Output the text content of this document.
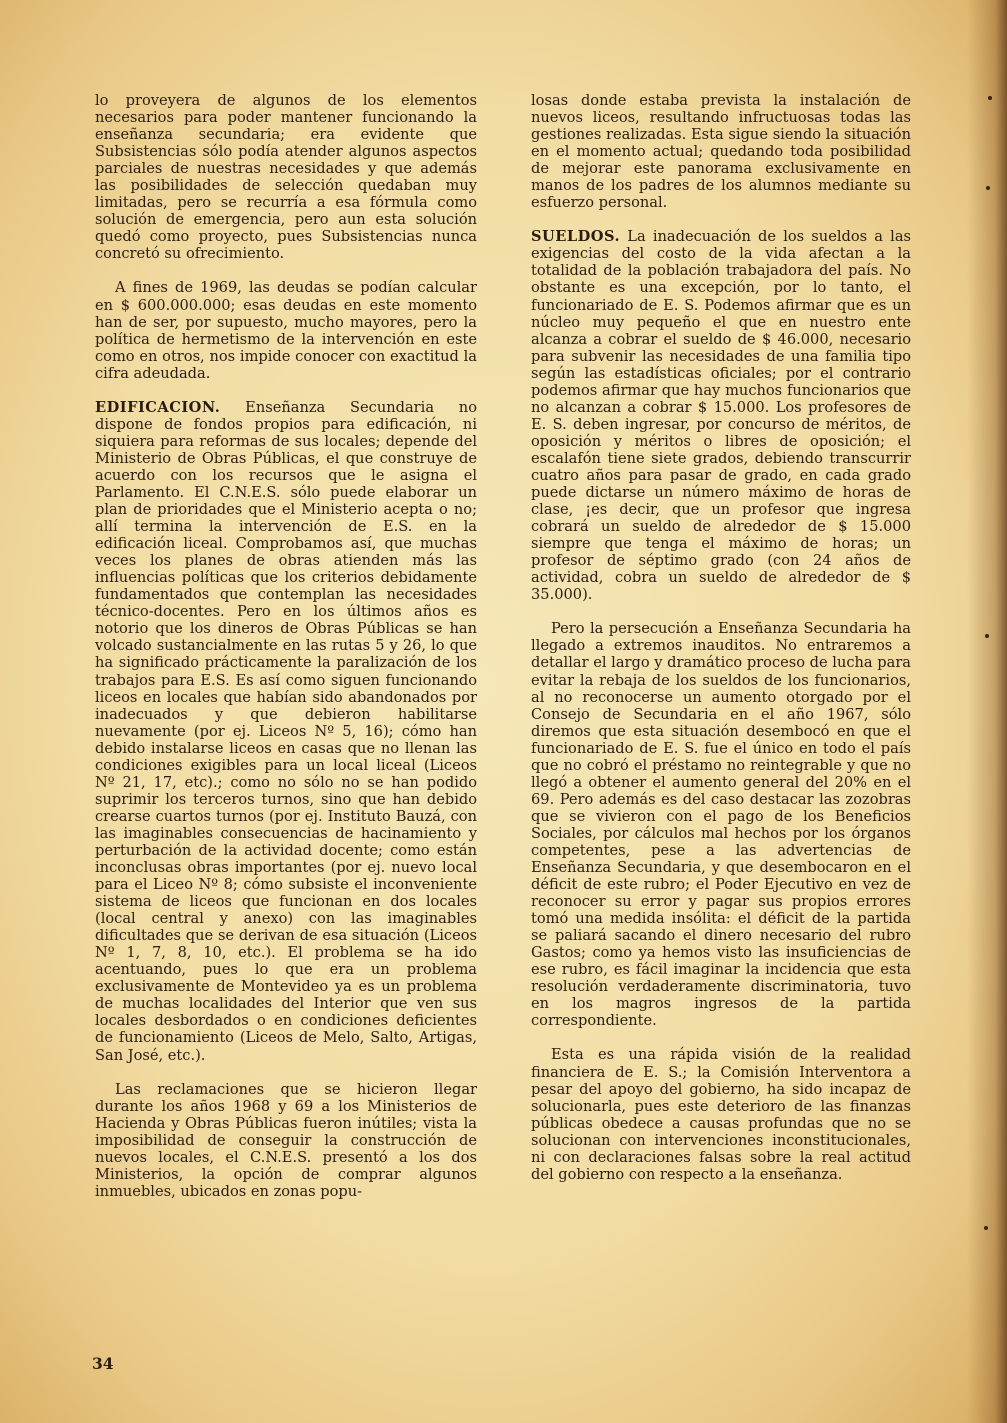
lo proveyera de algunos de los elementos necesarios para poder mantener funcionando la enseñanza secundaria; era evidente que Subsistencias sólo podía atender algunos aspectos parciales de nuestras necesidades y que además las posibilidades de selección quedaban muy limitadas, pero se recurría a esa fórmula como solución de emergencia, pero aun esta solución quedó como proyecto, pues Subsistencias nunca concretó su ofrecimiento.

A fines de 1969, las deudas se podían calcular en $ 600.000.000; esas deudas en este momento han de ser, por supuesto, mucho mayores, pero la política de hermetismo de la intervención en este como en otros, nos impide conocer con exactitud la cifra adeudada.

EDIFICACION. Enseñanza Secundaria no dispone de fondos propios para edificación, ni siquiera para reformas de sus locales; depende del Ministerio de Obras Públicas, el que construye de acuerdo con los recursos que le asigna el Parlamento. El C.N.E.S. sólo puede elaborar un plan de prioridades que el Ministerio acepta o no; allí termina la intervención de E.S. en la edificación liceal. Comprobamos así, que muchas veces los planes de obras atienden más las influencias políticas que los criterios debidamente fundamentados que contemplan las necesidades técnico-docentes. Pero en los últimos años es notorio que los dineros de Obras Públicas se han volcado sustancialmente en las rutas 5 y 26, lo que ha significado prácticamente la paralización de los trabajos para E.S. Es así como siguen funcionando liceos en locales que habían sido abandonados por inadecuados y que debieron habilitarse nuevamente (por ej. Liceos Nº 5, 16); cómo han debido instalarse liceos en casas que no llenan las condiciones exigibles para un local liceal (Liceos Nº 21, 17, etc).; como no sólo no se han podido suprimir los terceros turnos, sino que han debido crearse cuartos turnos (por ej. Instituto Bauzá, con las imaginables consecuencias de hacinamiento y perturbación de la actividad docente; como están inconclusas obras importantes (por ej. nuevo local para el Liceo Nº 8; cómo subsiste el inconveniente sistema de liceos que funcionan en dos locales (local central y anexo) con las imaginables dificultades que se derivan de esa situación (Liceos Nº 1, 7, 8, 10, etc.). El problema se ha ido acentuando, pues lo que era un problema exclusivamente de Montevideo ya es un problema de muchas localidades del Interior que ven sus locales desbordados o en condiciones deficientes de funcionamiento (Liceos de Melo, Salto, Artigas, San José, etc.).

Las reclamaciones que se hicieron llegar durante los años 1968 y 69 a los Ministerios de Hacienda y Obras Públicas fueron inútiles; vista la imposibilidad de conseguir la construcción de nuevos locales, el C.N.E.S. presentó a los dos Ministerios, la opción de comprar algunos inmuebles, ubicados en zonas popu-

losas donde estaba prevista la instalación de nuevos liceos, resultando infructuosas todas las gestiones realizadas. Esta sigue siendo la situación en el momento actual; quedando toda posibilidad de mejorar este panorama exclusivamente en manos de los padres de los alumnos mediante su esfuerzo personal.

SUELDOS. La inadecuación de los sueldos a las exigencias del costo de la vida afectan a la totalidad de la población trabajadora del país. No obstante es una excepción, por lo tanto, el funcionariado de E. S. Podemos afirmar que es un núcleo muy pequeño el que en nuestro ente alcanza a cobrar el sueldo de $ 46.000, necesario para subvenir las necesidades de una familia tipo según las estadísticas oficiales; por el contrario podemos afirmar que hay muchos funcionarios que no alcanzan a cobrar $ 15.000. Los profesores de E. S. deben ingresar, por concurso de méritos, de oposición y méritos o libres de oposición; el escalafón tiene siete grados, debiendo transcurrir cuatro años para pasar de grado, en cada grado puede dictarse un número máximo de horas de clase, ¡es decir, que un profesor que ingresa cobrará un sueldo de alrededor de $ 15.000 siempre que tenga el máximo de horas; un profesor de séptimo grado (con 24 años de actividad, cobra un sueldo de alrededor de $ 35.000).

Pero la persecución a Enseñanza Secundaria ha llegado a extremos inauditos. No entraremos a detallar el largo y dramático proceso de lucha para evitar la rebaja de los sueldos de los funcionarios, al no reconocerse un aumento otorgado por el Consejo de Secundaria en el año 1967, sólo diremos que esta situación desembocó en que el funcionariado de E. S. fue el único en todo el país que no cobró el préstamo no reintegrable y que no llegó a obtener el aumento general del 20% en el 69. Pero además es del caso destacar las zozobras que se vivieron con el pago de los Beneficios Sociales, por cálculos mal hechos por los órganos competentes, pese a las advertencias de Enseñanza Secundaria, y que desembocaron en el déficit de este rubro; el Poder Ejecutivo en vez de reconocer su error y pagar sus propios errores tomó una medida insólita: el déficit de la partida se paliará sacando el dinero necesario del rubro Gastos; como ya hemos visto las insuficiencias de ese rubro, es fácil imaginar la incidencia que esta resolución verdaderamente discriminatoria, tuvo en los magros ingresos de la partida correspondiente.

Esta es una rápida visión de la realidad financiera de E. S.; la Comisión Interventora a pesar del apoyo del gobierno, ha sido incapaz de solucionarla, pues este deterioro de las finanzas públicas obedece a causas profundas que no se solucionan con intervenciones inconstitucionales, ni con declaraciones falsas sobre la real actitud del gobierno con respecto a la enseñanza.

34
